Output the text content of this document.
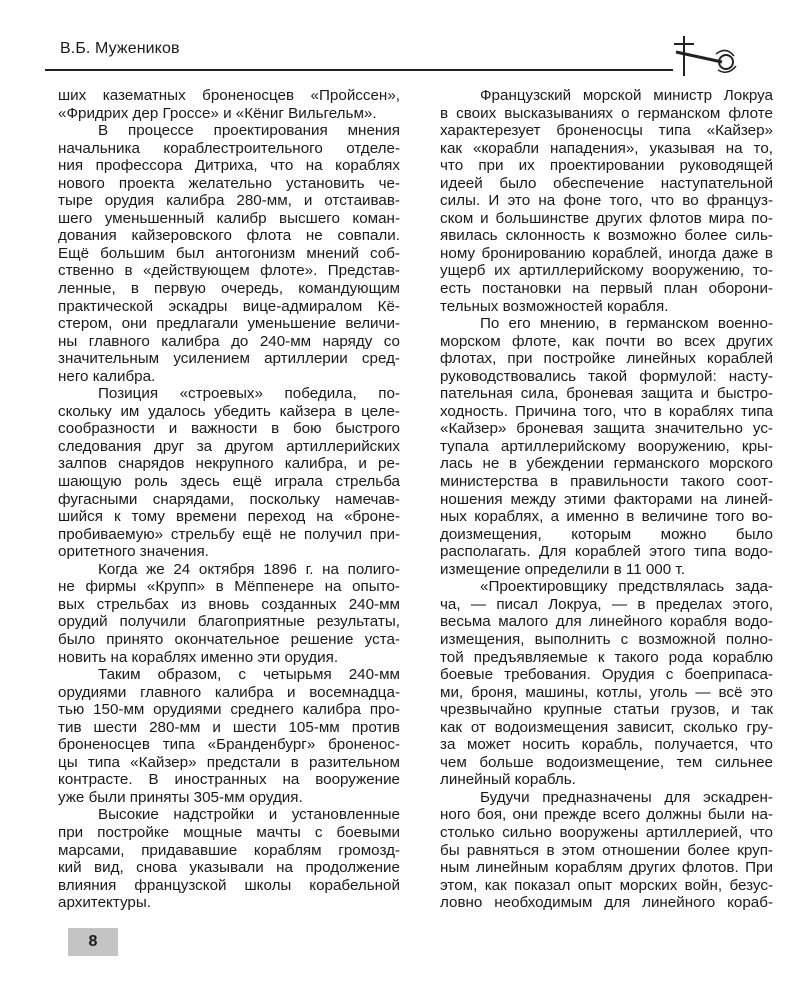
В.Б. Мужеников
ших казематных броненосцев «Пройссен»,
«Фридрих дер Гроссе» и «Кёниг Вильгельм».
В процессе проектирования мнения
начальника кораблестроительного отделе-
ния профессора Дитриха, что на кораблях
нового проекта желательно установить че-
тыре орудия калибра 280-мм, и отстаивав-
шего уменьшенный калибр высшего коман-
дования кайзеровского флота не совпали.
Ещё большим был антогонизм мнений соб-
ственно в «действующем флоте». Представ-
ленные, в первую очередь, командующим
практической эскадры вице-адмиралом Кё-
стером, они предлагали уменьшение величи-
ны главного калибра до 240-мм наряду со
значительным усилением артиллерии сред-
него калибра.
Позиция «строевых» победила, по-
скольку им удалось убедить кайзера в целе-
сообразности и важности в бою быстрого
следования друг за другом артиллерийских
залпов снарядов некрупного калибра, и ре-
шающую роль здесь ещё играла стрельба
фугасными снарядами, поскольку намечав-
шийся к тому времени переход на «броне-
пробиваемую» стрельбу ещё не получил при-
оритетного значения.
Когда же 24 октября 1896 г. на полиго-
не фирмы «Крупп» в Мёппенере на опыто-
вых стрельбах из вновь созданных 240-мм
орудий получили благоприятные результаты,
было принято окончательное решение уста-
новить на кораблях именно эти орудия.
Таким образом, с четырьмя 240-мм
орудиями главного калибра и восемнадца-
тью 150-мм орудиями среднего калибра про-
тив шести 280-мм и шести 105-мм против
броненосцев типа «Бранденбург» броненос-
цы типа «Кайзер» предстали в разительном
контрасте. В иностранных на вооружение
уже были приняты 305-мм орудия.
Высокие надстройки и установленные
при постройке мощные мачты с боевыми
марсами, придававшие кораблям громозд-
кий вид, снова указывали на продолжение
влияния французской школы корабельной
архитектуры.
Французский морской министр Локруа
в своих высказываниях о германском флоте
характерезует броненосцы типа «Кайзер»
как «корабли нападения», указывая на то,
что при их проектировании руководящей
идеей было обеспечение наступательной
силы. И это на фоне того, что во француз-
ском и большинстве других флотов мира по-
явилась склонность к возможно более силь-
ному бронированию кораблей, иногда даже в
ущерб их артиллерийскому вооружению, то-
есть постановки на первый план оборони-
тельных возможностей корабля.
По его мнению, в германском военно-
морском флоте, как почти во всех других
флотах, при постройке линейных кораблей
руководствовались такой формулой: насту-
пательная сила, броневая защита и быстро-
ходность. Причина того, что в кораблях типа
«Кайзер» броневая защита значительно ус-
тупала артиллерийскому вооружению, кры-
лась не в убеждении германского морского
министерства в правильности такого соот-
ношения между этими факторами на линей-
ных кораблях, а именно в величине того во-
доизмещения, которым можно было
располагать. Для кораблей этого типа водо-
измещение определили в 11 000 т.
«Проектировщику предствлялась зада-
ча, — писал Локруа, — в пределах этого,
весьма малого для линейного корабля водо-
измещения, выполнить с возможной полно-
той предъявляемые к такого рода кораблю
боевые требования. Орудия с боеприпаса-
ми, броня, машины, котлы, уголь — всё это
чрезвычайно крупные статьи грузов, и так
как от водоизмещения зависит, сколько гру-
за может носить корабль, получается, что
чем больше водоизмещение, тем сильнее
линейный корабль.
Будучи предназначены для эскадрен-
ного боя, они прежде всего должны были на-
столько сильно вооружены артиллерией, что
бы равняться в этом отношении более круп-
ным линейным кораблям других флотов. При
этом, как показал опыт морских войн, безус-
ловно необходимым для линейного кораб-
8
